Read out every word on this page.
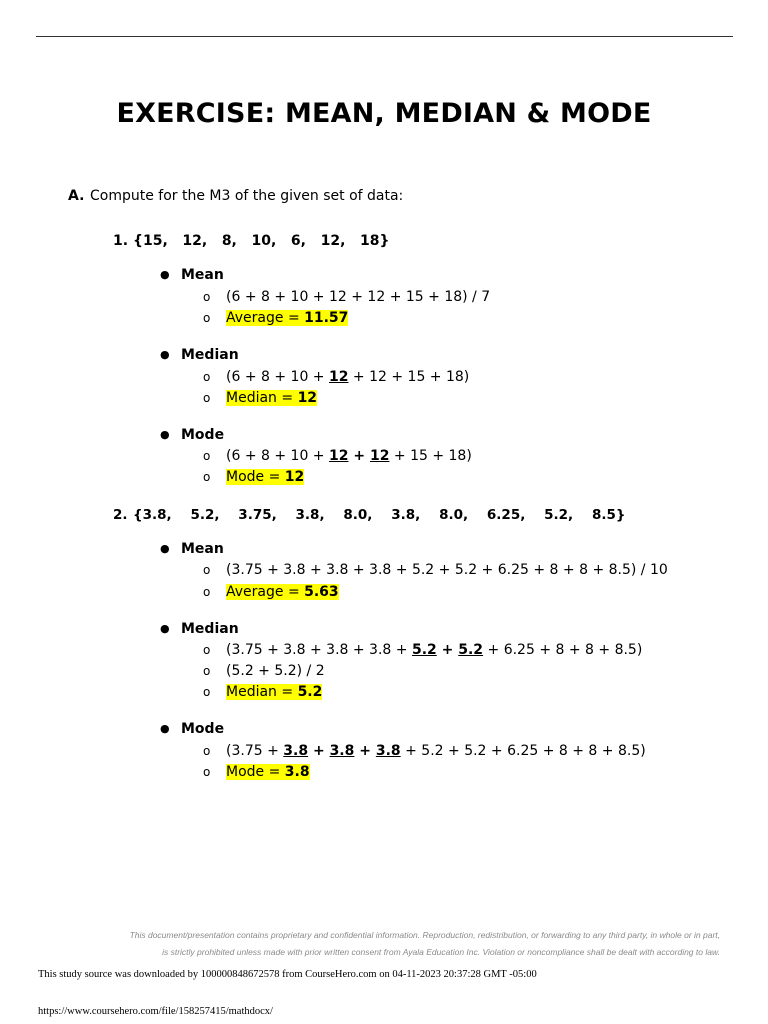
EXERCISE: MEAN, MEDIAN & MODE
A. Compute for the M3 of the given set of data:
1. {15,   12,   8,   10,   6,   12,   18}
● Mean
o (6 + 8 + 10 + 12 + 12 + 15 + 18) / 7
o Average = 11.57
● Median
o (6 + 8 + 10 + 12 + 12 + 15 + 18)
o Median = 12
● Mode
o (6 + 8 + 10 + 12 + 12 + 15 + 18)
o Mode = 12
2. {3.8,    5.2,    3.75,    3.8,    8.0,    3.8,    8.0,    6.25,    5.2,    8.5}
● Mean
o (3.75 + 3.8 + 3.8 + 3.8 + 5.2 + 5.2 + 6.25 + 8 + 8 + 8.5) / 10
o Average = 5.63
● Median
o (3.75 + 3.8 + 3.8 + 3.8 + 5.2 + 5.2 + 6.25 + 8 + 8 + 8.5)
o (5.2 + 5.2) / 2
o Median = 5.2
● Mode
o (3.75 + 3.8 + 3.8 + 3.8 + 5.2 + 5.2 + 6.25 + 8 + 8 + 8.5)
o Mode = 3.8
This document/presentation contains proprietary and confidential information. Reproduction, redistribution, or forwarding to any third party, in whole or in part,
is strictly prohibited unless made with prior written consent from Ayala Education Inc. Violation or noncompliance shall be dealt with according to law.
This study source was downloaded by 100000848672578 from CourseHero.com on 04-11-2023 20:37:28 GMT -05:00
https://www.coursehero.com/file/158257415/mathdocx/
